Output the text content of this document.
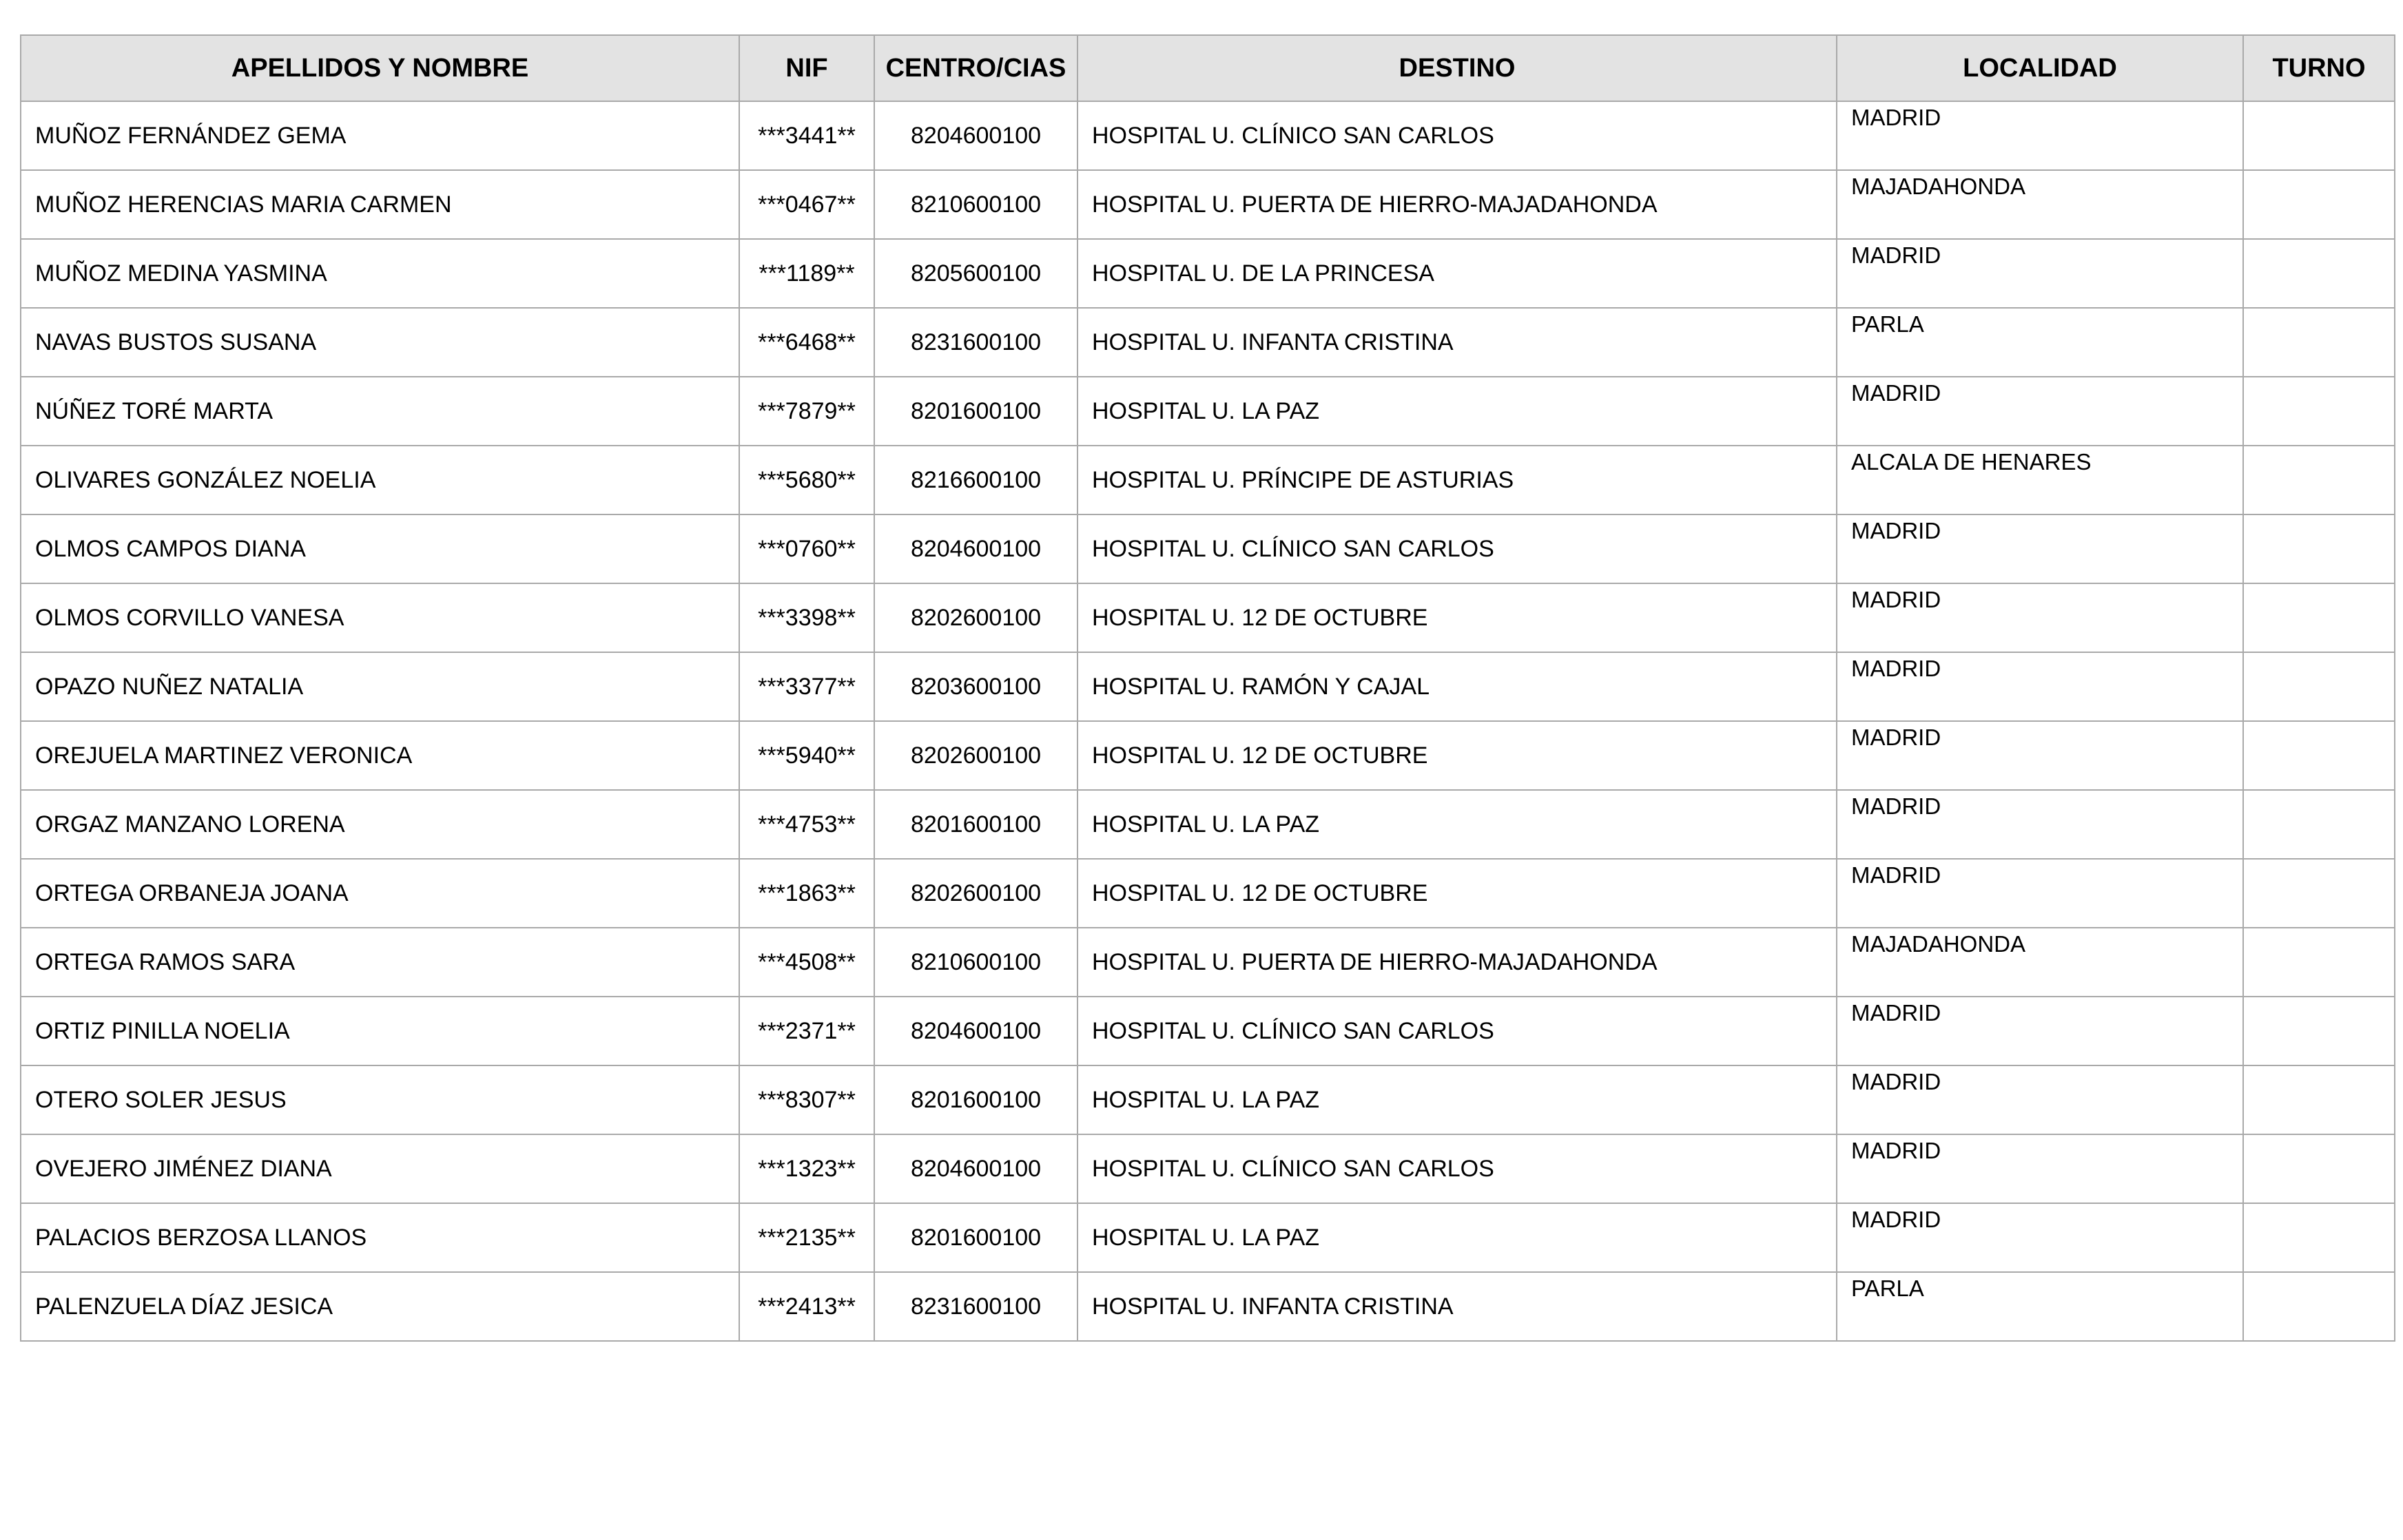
APELLIDOS Y NOMBRE	NIF	CENTRO/CIAS	DESTINO	LOCALIDAD	TURNO
MUÑOZ FERNÁNDEZ GEMA	***3441**	8204600100	HOSPITAL U. CLÍNICO SAN CARLOS	MADRID	
MUÑOZ HERENCIAS MARIA CARMEN	***0467**	8210600100	HOSPITAL U. PUERTA DE HIERRO-MAJADAHONDA	MAJADAHONDA	
MUÑOZ MEDINA YASMINA	***1189**	8205600100	HOSPITAL U. DE LA PRINCESA	MADRID	
NAVAS BUSTOS SUSANA	***6468**	8231600100	HOSPITAL U. INFANTA CRISTINA	PARLA	
NÚÑEZ TORÉ MARTA	***7879**	8201600100	HOSPITAL U. LA PAZ	MADRID	
OLIVARES GONZÁLEZ NOELIA	***5680**	8216600100	HOSPITAL U. PRÍNCIPE DE ASTURIAS	ALCALA DE HENARES	
OLMOS CAMPOS DIANA	***0760**	8204600100	HOSPITAL U. CLÍNICO SAN CARLOS	MADRID	
OLMOS CORVILLO VANESA	***3398**	8202600100	HOSPITAL U. 12 DE OCTUBRE	MADRID	
OPAZO NUÑEZ NATALIA	***3377**	8203600100	HOSPITAL U. RAMÓN Y CAJAL	MADRID	
OREJUELA MARTINEZ VERONICA	***5940**	8202600100	HOSPITAL U. 12 DE OCTUBRE	MADRID	
ORGAZ MANZANO LORENA	***4753**	8201600100	HOSPITAL U. LA PAZ	MADRID	
ORTEGA ORBANEJA JOANA	***1863**	8202600100	HOSPITAL U. 12 DE OCTUBRE	MADRID	
ORTEGA RAMOS SARA	***4508**	8210600100	HOSPITAL U. PUERTA DE HIERRO-MAJADAHONDA	MAJADAHONDA	
ORTIZ PINILLA NOELIA	***2371**	8204600100	HOSPITAL U. CLÍNICO SAN CARLOS	MADRID	
OTERO SOLER JESUS	***8307**	8201600100	HOSPITAL U. LA PAZ	MADRID	
OVEJERO JIMÉNEZ DIANA	***1323**	8204600100	HOSPITAL U. CLÍNICO SAN CARLOS	MADRID	
PALACIOS BERZOSA LLANOS	***2135**	8201600100	HOSPITAL U. LA PAZ	MADRID	
PALENZUELA DÍAZ JESICA	***2413**	8231600100	HOSPITAL U. INFANTA CRISTINA	PARLA	
